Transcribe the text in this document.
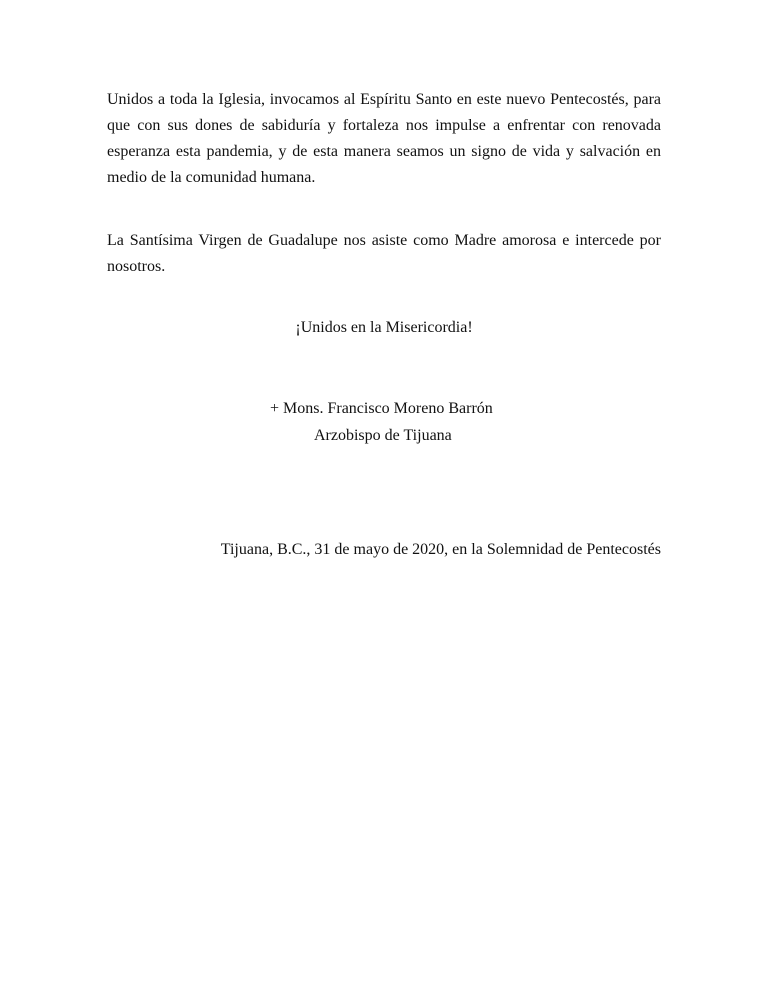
Unidos a toda la Iglesia, invocamos al Espíritu Santo en este nuevo Pentecostés, para que con sus dones de sabiduría y fortaleza nos impulse a enfrentar con renovada esperanza esta pandemia, y de esta manera seamos un signo de vida y salvación en medio de la comunidad humana.

La Santísima Virgen de Guadalupe nos asiste como Madre amorosa e intercede por nosotros.

¡Unidos en la Misericordia!

+ Mons. Francisco Moreno Barrón

Arzobispo de Tijuana

Tijuana, B.C., 31 de mayo de 2020, en la Solemnidad de Pentecostés
